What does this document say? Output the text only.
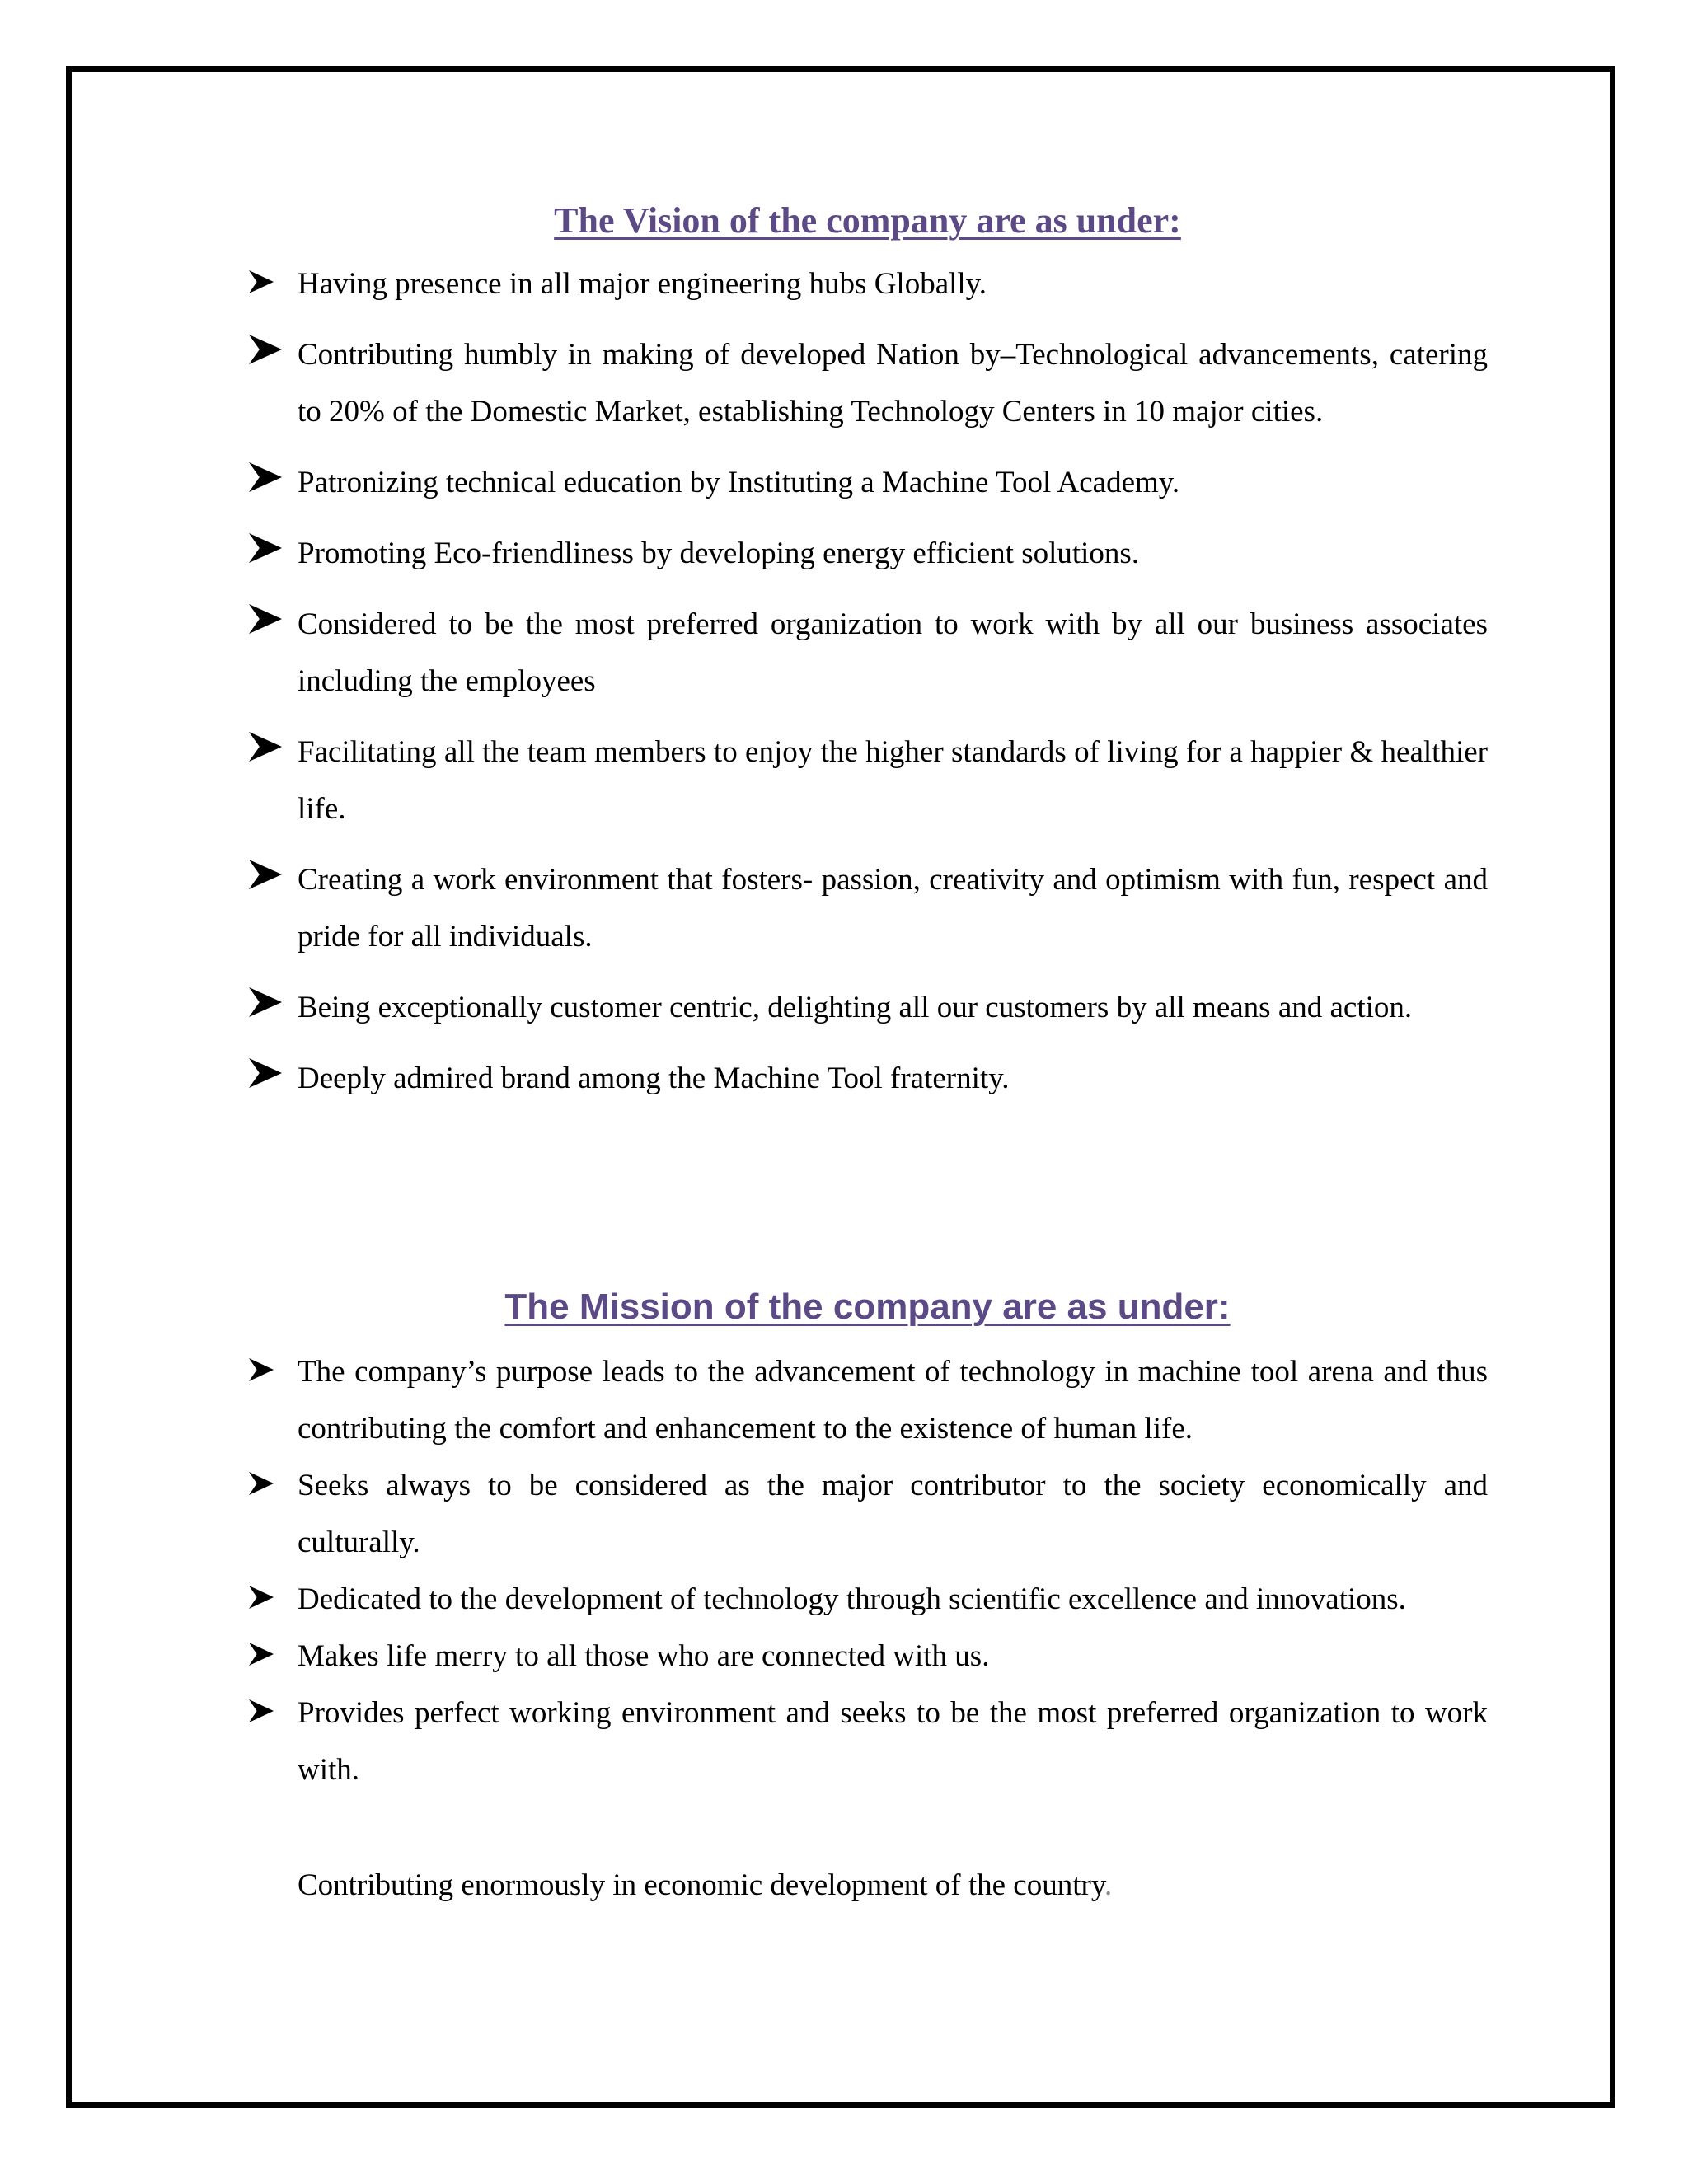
The Vision of the company are as under:
Having presence in all major engineering hubs Globally.
Contributing humbly in making of developed Nation by–Technological advancements, catering to 20% of the Domestic Market, establishing Technology Centers in 10 major cities.
Patronizing technical education by Instituting a Machine Tool Academy.
Promoting Eco-friendliness by developing energy efficient solutions.
Considered to be the most preferred organization to work with by all our business associates including the employees
Facilitating all the team members to enjoy the higher standards of living for a happier & healthier life.
Creating a work environment that fosters- passion, creativity and optimism with fun, respect and pride for all individuals.
Being exceptionally customer centric, delighting all our customers by all means and action.
Deeply admired brand among the Machine Tool fraternity.
The Mission of the company are as under:
The company’s purpose leads to the advancement of technology in machine tool arena and thus contributing the comfort and enhancement to the existence of human life.
Seeks always to be considered as the major contributor to the society economically and culturally.
Dedicated to the development of technology through scientific excellence and innovations.
Makes life merry to all those who are connected with us.
Provides perfect working environment and seeks to be the most preferred organization to work with.
Contributing enormously in economic development of the country.
